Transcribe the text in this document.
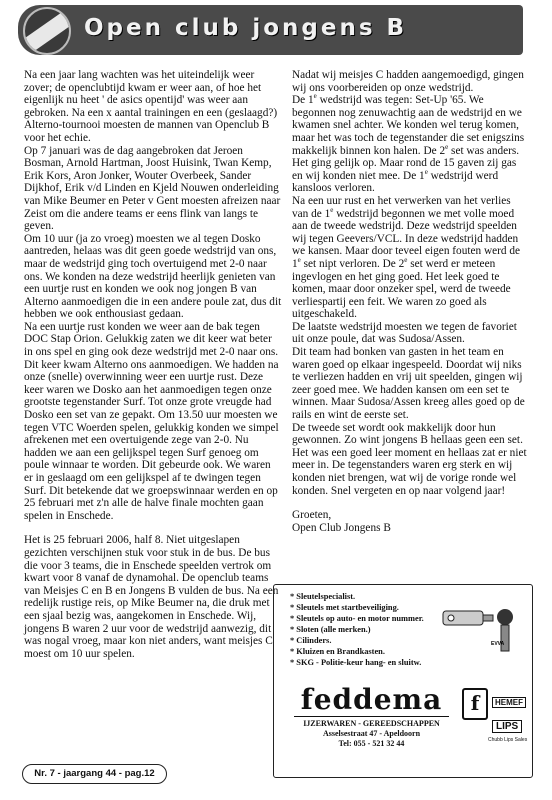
Open club jongens B

Na een jaar lang wachten was het uiteindelijk weer zover; de openclubtijd kwam er weer aan, of hoe het eigenlijk nu heet ' de asics opentijd' was weer aan gebroken. Na een x aantal trainingen en een (geslaagd?) Alterno-tournooi moesten de mannen van Openclub B voor het echie.

Op 7 januari was de dag aangebroken dat Jeroen Bosman, Arnold Hartman, Joost Huisink, Twan Kemp, Erik Kors, Aron Jonker, Wouter Overbeek, Sander Dijkhof, Erik v/d Linden en Kjeld Nouwen onderleiding van Mike Beumer en Peter v Gent moesten afreizen naar Zeist om die andere teams er eens flink van langs te geven.

Om 10 uur (ja zo vroeg) moesten we al tegen Dosko aantreden, helaas was dit geen goede wedstrijd van ons, maar de wedstrijd ging toch overtuigend met 2-0 naar ons. We konden na deze wedstrijd heerlijk genieten van een uurtje rust en konden we ook nog jongen B van Alterno aanmoedigen die in een andere poule zat, dus dit hebben we ook enthousiast gedaan.

Na een uurtje rust konden we weer aan de bak tegen DOC Stap Orion. Gelukkig zaten we dit keer wat beter in ons spel en ging ook deze wedstrijd met 2-0 naar ons. Dit keer kwam Alterno ons aanmoedigen. We hadden na onze (snelle) overwinning weer een uurtje rust. Deze keer waren we Dosko aan het aanmoedigen tegen onze grootste tegenstander Surf. Tot onze grote vreugde had Dosko een set van ze gepakt. Om 13.50 uur moesten we tegen VTC Woerden spelen, gelukkig konden we simpel afrekenen met een overtuigende zege van 2-0. Nu hadden we aan een gelijkspel tegen Surf genoeg om poule winnaar te worden. Dit gebeurde ook. We waren er in geslaagd om een gelijkspel af te dwingen tegen Surf. Dit betekende dat we groepswinnaar werden en op 25 februari met z'n alle de halve finale mochten gaan spelen in Enschede.

Het is 25 februari 2006, half 8. Niet uitgeslapen gezichten verschijnen stuk voor stuk in de bus. De bus die voor 3 teams, die in Enschede speelden vertrok om kwart voor 8 vanaf de dynamohal. De openclub teams van Meisjes C en B en Jongens B vulden de bus. Na een redelijk rustige reis, op Mike Beumer na, die druk met een sjaal bezig was, aangekomen in Enschede. Wij, jongens B waren 2 uur voor de wedstrijd aanwezig, dit was nogal vroeg, maar kon niet anders, want meisjes C moest om 10 uur spelen.

Nadat wij meisjes C hadden aangemoedigd, gingen wij ons voorbereiden op onze wedstrijd.

De 1e wedstrijd was tegen: Set-Up '65. We begonnen nog zenuwachtig aan de wedstrijd en we kwamen snel achter. We konden wel terug komen, maar het was toch de tegenstander die set enigszins makkelijk binnen kon halen. De 2e set was anders. Het ging gelijk op. Maar rond de 15 gaven zij gas en wij konden niet mee. De 1e wedstrijd werd kansloos verloren.

Na een uur rust en het verwerken van het verlies van de 1e wedstrijd begonnen we met volle moed aan de tweede wedstrijd. Deze wedstrijd speelden wij tegen Geevers/VCL. In deze wedstrijd hadden we kansen. Maar door teveel eigen fouten werd de 1e set nipt verloren. De 2e set werd er meteen ingevlogen en het ging goed. Het leek goed te komen, maar door onzeker spel, werd de tweede verliespartij een feit. We waren zo goed als uitgeschakeld.

De laatste wedstrijd moesten we tegen de favoriet uit onze poule, dat was Sudosa/Assen.

Dit team had bonken van gasten in het team en waren goed op elkaar ingespeeld. Doordat wij niks te verliezen hadden en vrij uit speelden, gingen wij zeer goed mee. We hadden kansen om een set te winnen. Maar Sudosa/Assen kreeg alles goed op de rails en wint de eerste set.

De tweede set wordt ook makkelijk door hun gewonnen. Zo wint jongens B hellaas geen een set. Het was een goed leer moment en hellaas zat er niet meer in. De tegenstanders waren erg sterk en wij konden niet brengen, wat wij de vorige ronde wel konden. Snel vergeten en op naar volgend jaar!

Groeten,

Open Club Jongens B

* Sleutelspecialist.
* Sleutels met startbeveiliging.
* Sleutels op auto- en motor nummer.
* Sloten (alle merken.)
* Cilinders.
* Kluizen en Brandkasten.
* SKG - Politie-keur hang- en sluitw.
EVVA
feddema
IJZERWAREN - GEREEDSCHAPPEN
Asselsestraat 47 - Apeldoorn
Tel: 055 - 521 32 44
f	HEMEF
LIPS
Chubb Lips Sales
Nr. 7 - jaargang 44 - pag.12
